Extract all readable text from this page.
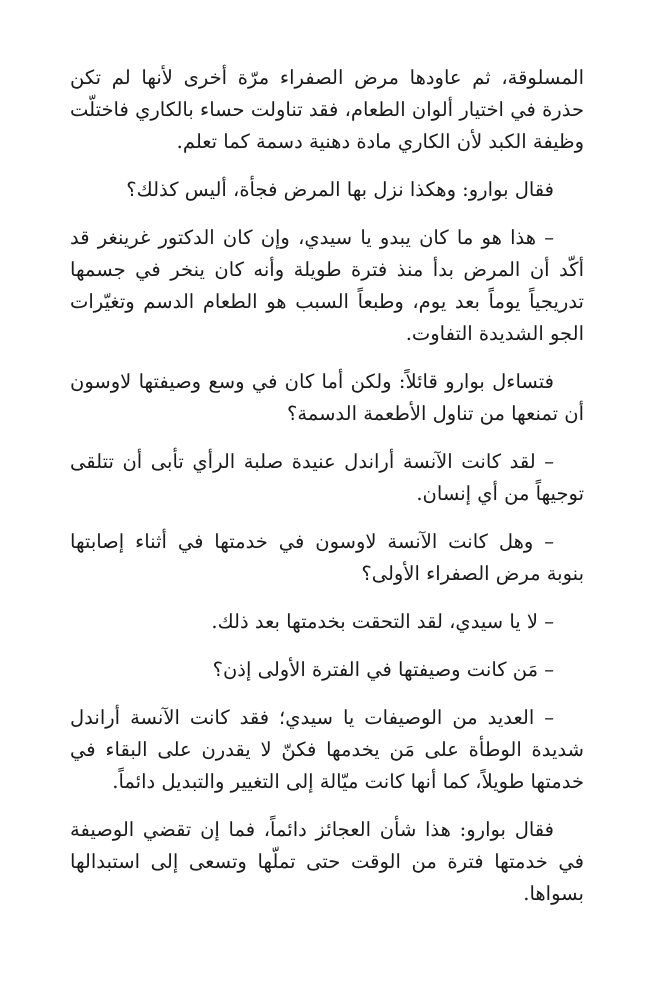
المسلوقة، ثم عاودها مرض الصفراء مرّة أخرى لأنها لم تكن حذرة في اختيار ألوان الطعام، فقد تناولت حساء بالكاري فاختلّت وظيفة الكبد لأن الكاري مادة دهنية دسمة كما تعلم.

فقال بوارو: وهكذا نزل بها المرض فجأة، أليس كذلك؟

– هذا هو ما كان يبدو يا سيدي، وإن كان الدكتور غرينغر قد أكّد أن المرض بدأ منذ فترة طويلة وأنه كان ينخر في جسمها تدريجياً يوماً بعد يوم، وطبعاً السبب هو الطعام الدسم وتغيّرات الجو الشديدة التفاوت.

فتساءل بوارو قائلاً: ولكن أما كان في وسع وصيفتها لاوسون أن تمنعها من تناول الأطعمة الدسمة؟

– لقد كانت الآنسة أراندل عنيدة صلبة الرأي تأبى أن تتلقى توجيهاً من أي إنسان.

– وهل كانت الآنسة لاوسون في خدمتها في أثناء إصابتها بنوبة مرض الصفراء الأولى؟

– لا يا سيدي، لقد التحقت بخدمتها بعد ذلك.

– مَن كانت وصيفتها في الفترة الأولى إذن؟

– العديد من الوصيفات يا سيدي؛ فقد كانت الآنسة أراندل شديدة الوطأة على مَن يخدمها فكنّ لا يقدرن على البقاء في خدمتها طويلاً، كما أنها كانت ميّالة إلى التغيير والتبديل دائماً.

فقال بوارو: هذا شأن العجائز دائماً، فما إن تقضي الوصيفة في خدمتها فترة من الوقت حتى تملّها وتسعى إلى استبدالها بسواها.
